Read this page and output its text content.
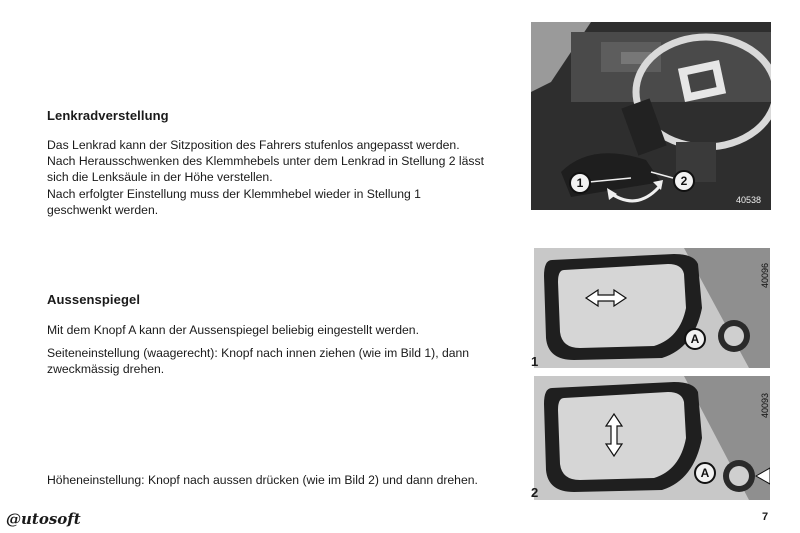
Lenkradverstellung
Das Lenkrad kann der Sitzposition des Fahrers stufenlos angepasst werden. Nach Herausschwenken des Klemmhebels unter dem Lenkrad in Stellung 2 lässt sich die Lenksäule in der Höhe verstellen.
Nach erfolgter Einstellung muss der Klemmhebel wieder in Stellung 1 geschwenkt werden.
Aussenspiegel
Mit dem Knopf A kann der Aussenspiegel beliebig eingestellt werden.
Seiteneinstellung (waagerecht): Knopf nach innen ziehen (wie im Bild 1), dann zweckmässig drehen.
Höheneinstellung: Knopf nach aussen drücken (wie im Bild 2) und dann drehen.
1	2
40538
A
40096
1
A
40093
2
@utosoft	7
